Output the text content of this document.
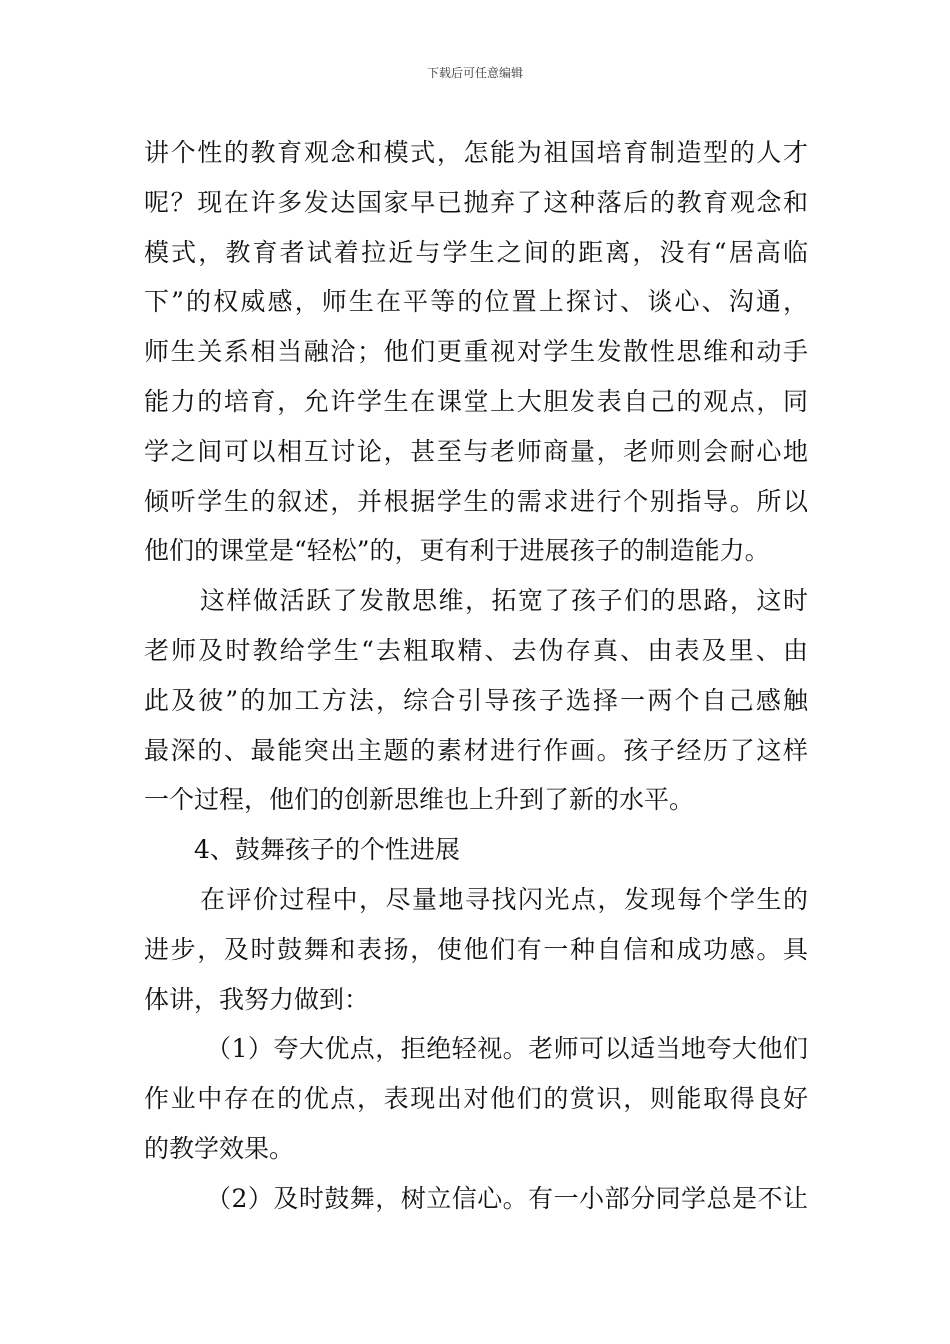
下载后可任意编辑
讲个性的教育观念和模式，怎能为祖国培育制造型的人才
呢？现在许多发达国家早已抛弃了这种落后的教育观念和
模式，教育者试着拉近与学生之间的距离，没有“居高临
下”的权威感，师生在平等的位置上探讨、谈心、沟通，
师生关系相当融洽；他们更重视对学生发散性思维和动手
能力的培育，允许学生在课堂上大胆发表自己的观点，同
学之间可以相互讨论，甚至与老师商量，老师则会耐心地
倾听学生的叙述，并根据学生的需求进行个别指导。所以
他们的课堂是“轻松”的，更有利于进展孩子的制造能力。
这样做活跃了发散思维，拓宽了孩子们的思路，这时
老师及时教给学生“去粗取精、去伪存真、由表及里、由
此及彼”的加工方法，综合引导孩子选择一两个自己感触
最深的、最能突出主题的素材进行作画。孩子经历了这样
一个过程，他们的创新思维也上升到了新的水平。
4、鼓舞孩子的个性进展
在评价过程中，尽量地寻找闪光点，发现每个学生的
进步，及时鼓舞和表扬，使他们有一种自信和成功感。具
体讲，我努力做到：
（1）夸大优点，拒绝轻视。老师可以适当地夸大他们
作业中存在的优点，表现出对他们的赏识，则能取得良好
的教学效果。
（2）及时鼓舞，树立信心。有一小部分同学总是不让
